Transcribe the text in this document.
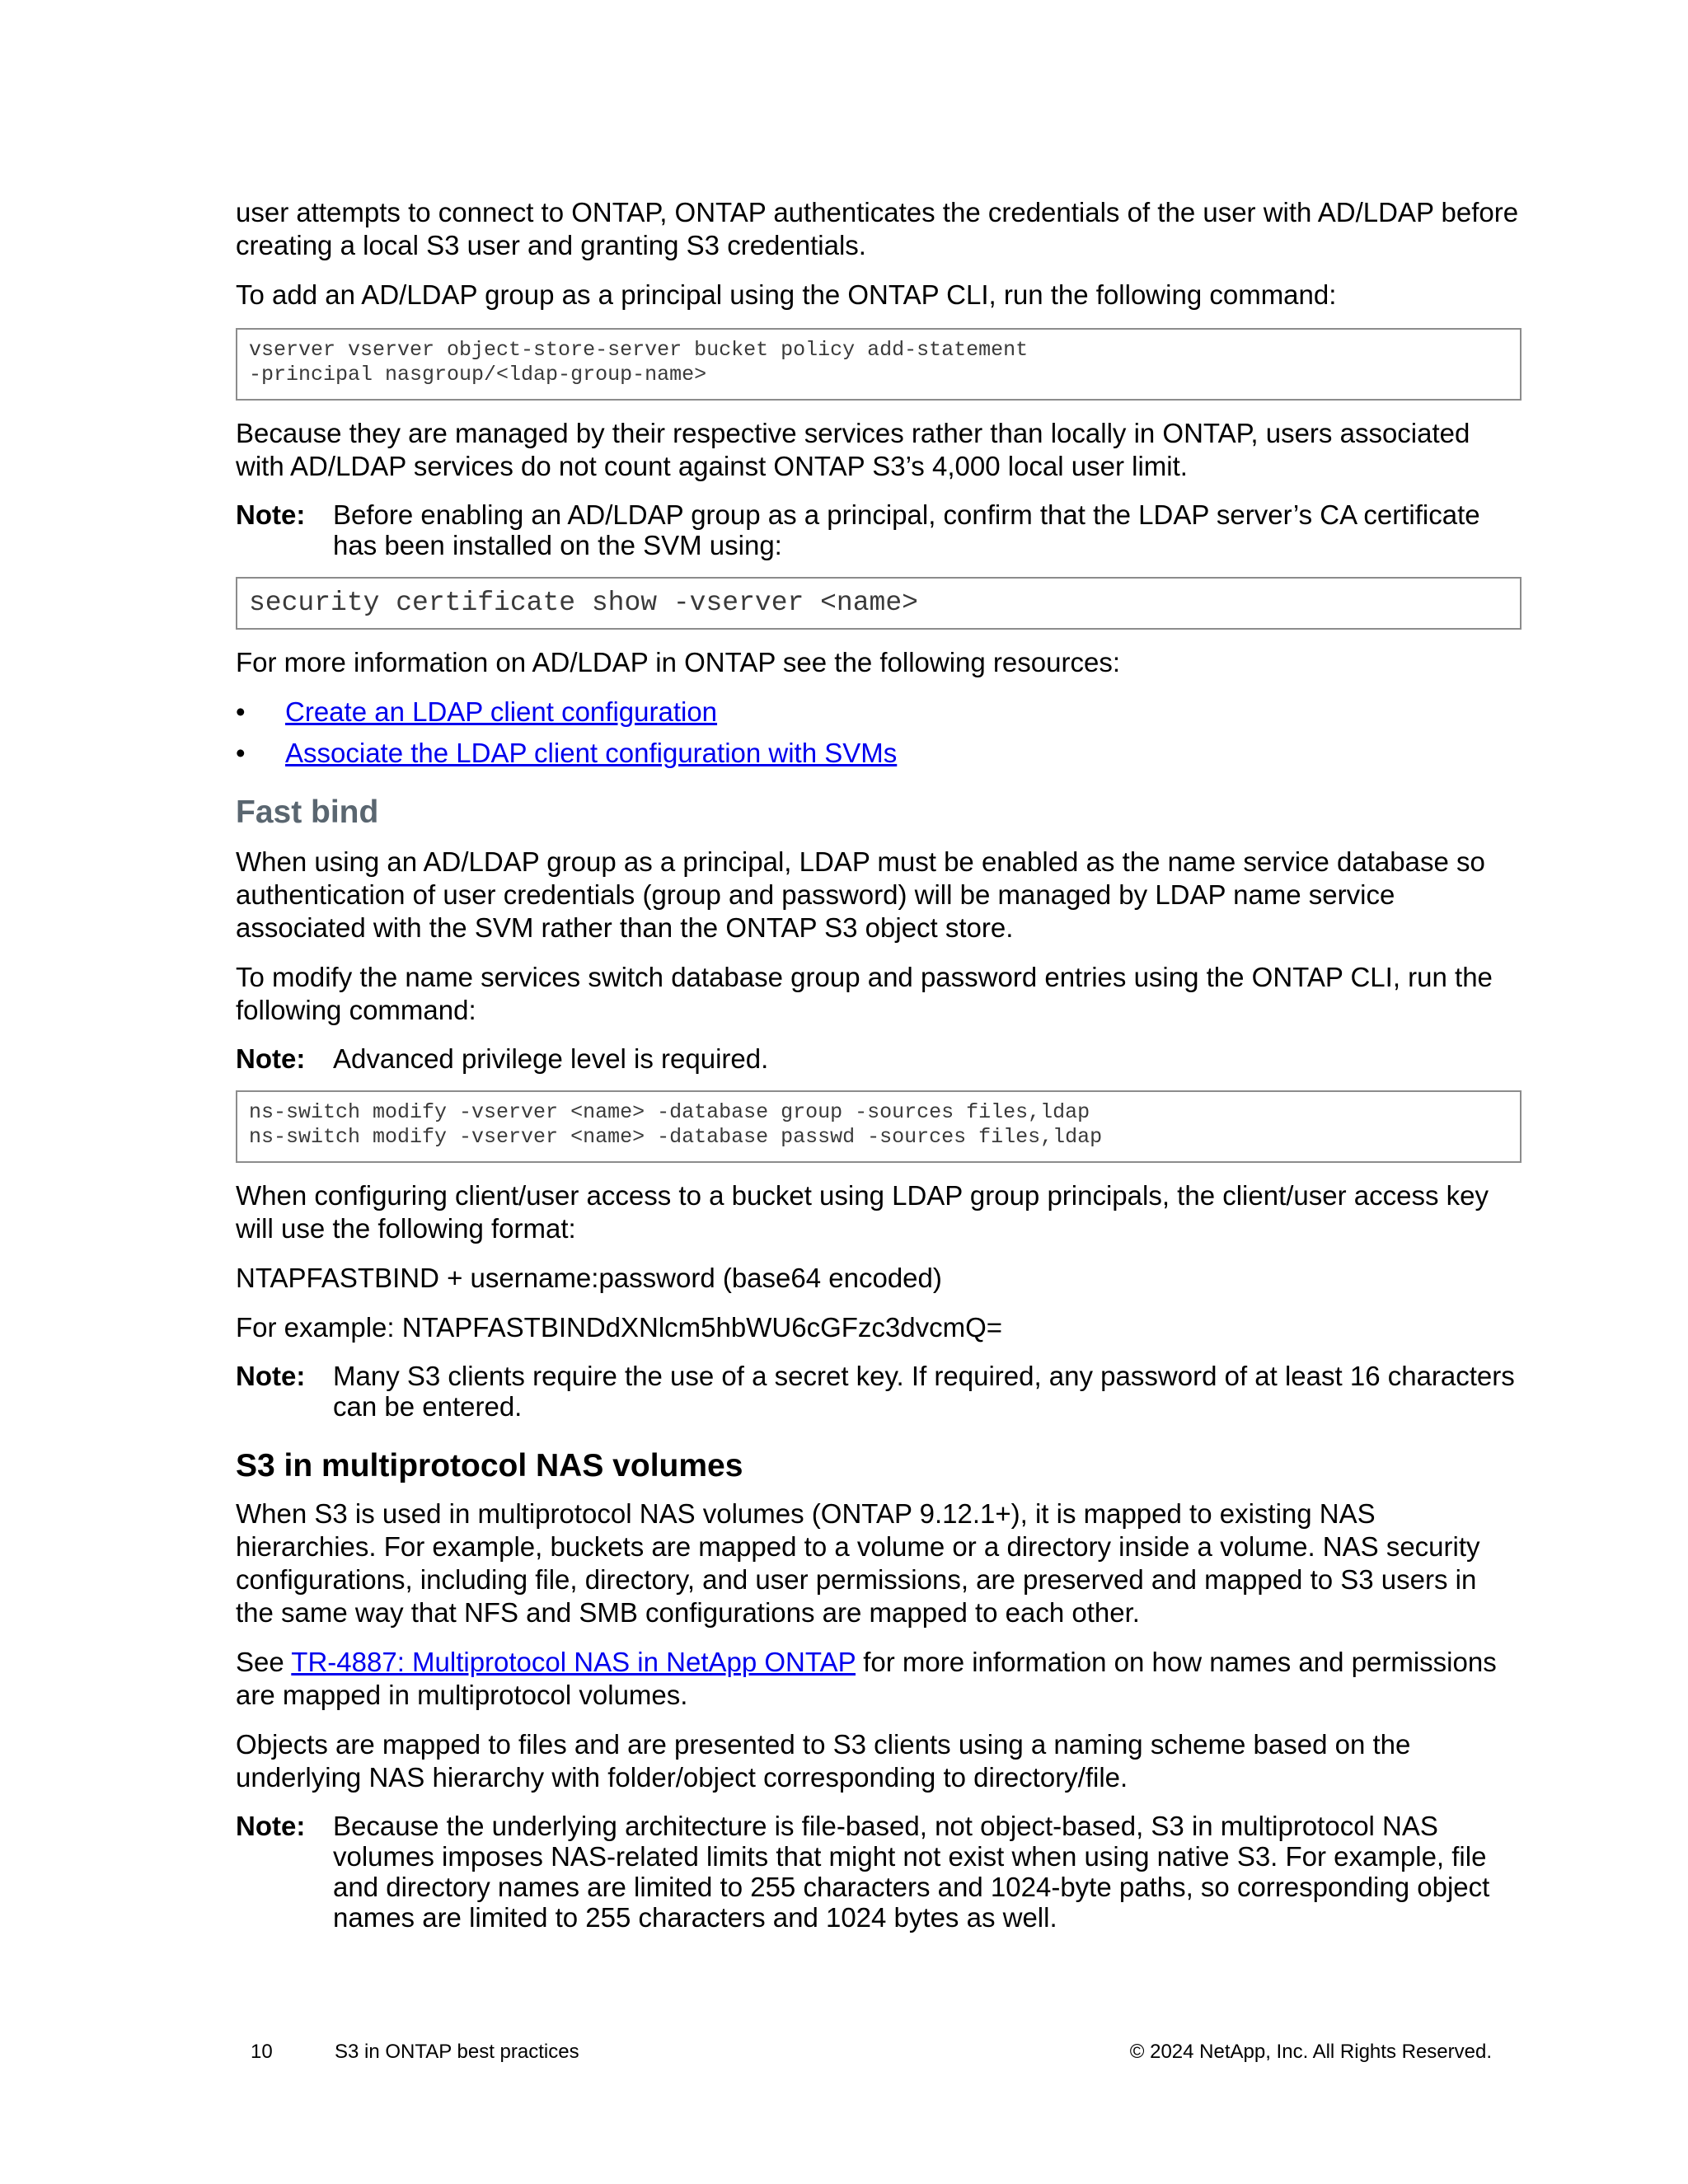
user attempts to connect to ONTAP, ONTAP authenticates the credentials of the user with AD/LDAP before creating a local S3 user and granting S3 credentials.

To add an AD/LDAP group as a principal using the ONTAP CLI, run the following command:

vserver vserver object-store-server bucket policy add-statement
-principal nasgroup/<ldap-group-name>

Because they are managed by their respective services rather than locally in ONTAP, users associated with AD/LDAP services do not count against ONTAP S3’s 4,000 local user limit.

Note:	Before enabling an AD/LDAP group as a principal, confirm that the LDAP server’s CA certificate has been installed on the SVM using:
security certificate show -vserver <name>

For more information on AD/LDAP in ONTAP see the following resources:

•	Create an LDAP client configuration
•	Associate the LDAP client configuration with SVMs
Fast bind

When using an AD/LDAP group as a principal, LDAP must be enabled as the name service database so authentication of user credentials (group and password) will be managed by LDAP name service associated with the SVM rather than the ONTAP S3 object store.

To modify the name services switch database group and password entries using the ONTAP CLI, run the following command:

Note:	Advanced privilege level is required.
ns-switch modify -vserver <name> -database group -sources files,ldap
ns-switch modify -vserver <name> -database passwd -sources files,ldap

When configuring client/user access to a bucket using LDAP group principals, the client/user access key will use the following format:

NTAPFASTBIND + username:password (base64 encoded)

For example: NTAPFASTBINDdXNlcm5hbWU6cGFzc3dvcmQ=

Note:	Many S3 clients require the use of a secret key. If required, any password of at least 16 characters can be entered.
S3 in multiprotocol NAS volumes

When S3 is used in multiprotocol NAS volumes (ONTAP 9.12.1+), it is mapped to existing NAS hierarchies. For example, buckets are mapped to a volume or a directory inside a volume. NAS security configurations, including file, directory, and user permissions, are preserved and mapped to S3 users in the same way that NFS and SMB configurations are mapped to each other.

See TR-4887: Multiprotocol NAS in NetApp ONTAP for more information on how names and permissions are mapped in multiprotocol volumes.

Objects are mapped to files and are presented to S3 clients using a naming scheme based on the underlying NAS hierarchy with folder/object corresponding to directory/file.

Note:	Because the underlying architecture is file-based, not object-based, S3 in multiprotocol NAS volumes imposes NAS-related limits that might not exist when using native S3. For example, file and directory names are limited to 255 characters and 1024-byte paths, so corresponding object names are limited to 255 characters and 1024 bytes as well.
10	S3 in ONTAP best practices	© 2024 NetApp, Inc. All Rights Reserved.
